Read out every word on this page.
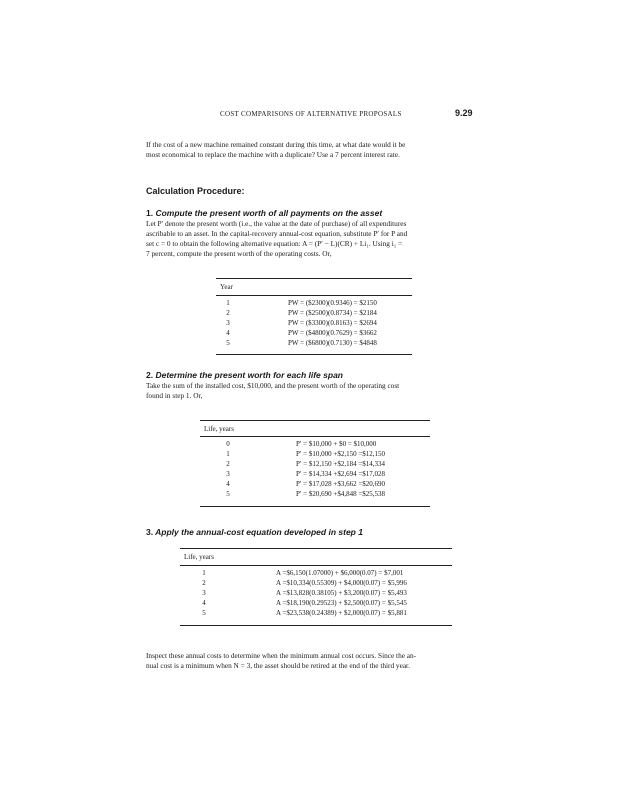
COST COMPARISONS OF ALTERNATIVE PROPOSALS	9.29
If the cost of a new machine remained constant during this time, at what date would it be
most economical to replace the machine with a duplicate? Use a 7 percent interest rate.
Calculation Procedure:
1. Compute the present worth of all payments on the asset
Let P′ denote the present worth (i.e., the value at the date of purchase) of all expenditures
ascribable to an asset. In the capital-recovery annual-cost equation, substitute P′ for P and
set c = 0 to obtain the following alternative equation: A = (P′ − L)(CR) + Li₁. Using i₁ =
7 percent, compute the present worth of the operating costs. Or,
Year
1	PW = ($2300)(0.9346) = $2150
2	PW = ($2500)(0.8734) = $2184
3	PW = ($3300)(0.8163) = $2694
4	PW = ($4800)(0.7629) = $3662
5	PW = ($6800)(0.7130) = $4848
2. Determine the present worth for each life span
Take the sum of the installed cost, $10,000, and the present worth of the operating cost
found in step 1. Or,
Life, years
0	P′ = $10,000 + $0 = $10,000
1	P′ = $10,000 +$2,150 =$12,150
2	P′ = $12,150 +$2,184 =$14,334
3	P′ = $14,334 +$2,694 =$17,028
4	P′ = $17,028 +$3,662 =$20,690
5	P′ = $20,690 +$4,848 =$25,538
3. Apply the annual-cost equation developed in step 1
Life, years
1	A =$6,150(1.07000) + $6,000(0.07) = $7,001
2	A =$10,334(0.55309) + $4,000(0.07) = $5,996
3	A =$13,828(0.38105) + $3,200(0.07) = $5,493
4	A =$18,190(0.29523) + $2,500(0.07) = $5,545
5	A =$23,538(0.24389) + $2,000(0.07) = $5,881
Inspect these annual costs to determine when the minimum annual cost occurs. Since the an-
nual cost is a minimum when N = 3, the asset should be retired at the end of the third year.
